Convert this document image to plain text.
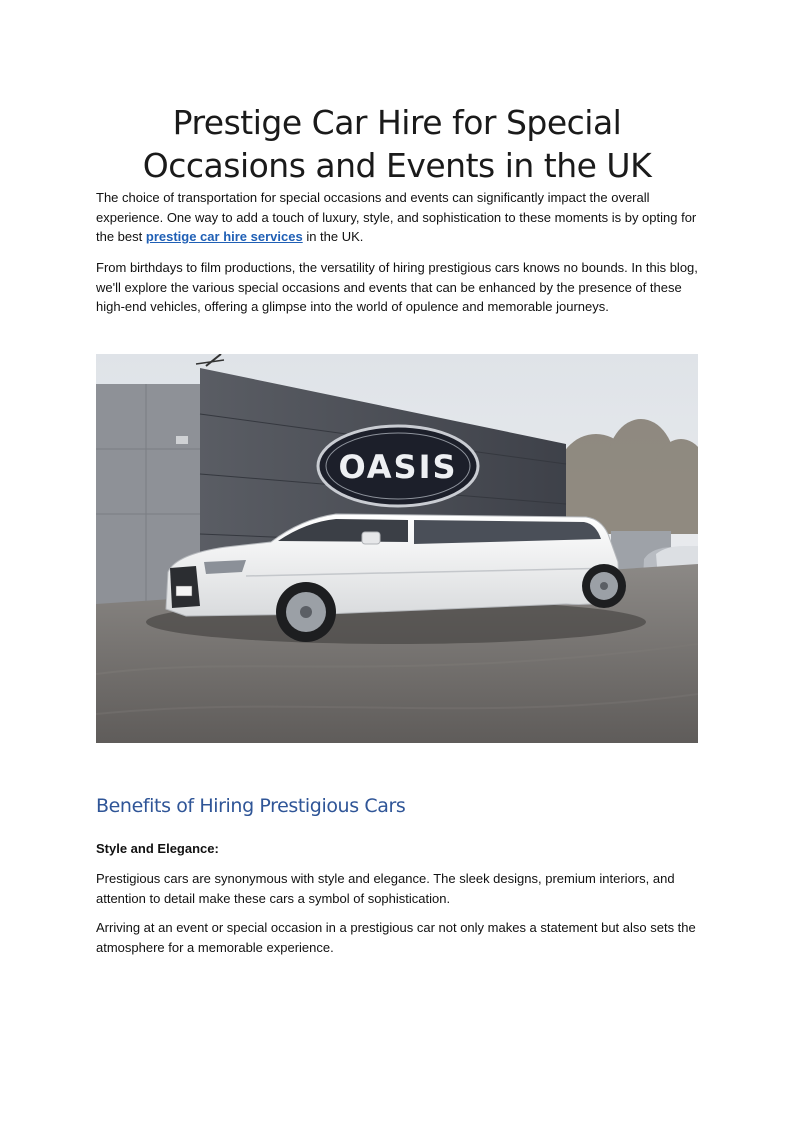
Prestige Car Hire for Special Occasions and Events in the UK

The choice of transportation for special occasions and events can significantly impact the overall experience. One way to add a touch of luxury, style, and sophistication to these moments is by opting for the best prestige car hire services in the UK.

From birthdays to film productions, the versatility of hiring prestigious cars knows no bounds. In this blog, we'll explore the various special occasions and events that can be enhanced by the presence of these high-end vehicles, offering a glimpse into the world of opulence and memorable journeys.

OASIS
Benefits of Hiring Prestigious Cars
Style and Elegance:

Prestigious cars are synonymous with style and elegance. The sleek designs, premium interiors, and attention to detail make these cars a symbol of sophistication.

Arriving at an event or special occasion in a prestigious car not only makes a statement but also sets the atmosphere for a memorable experience.
